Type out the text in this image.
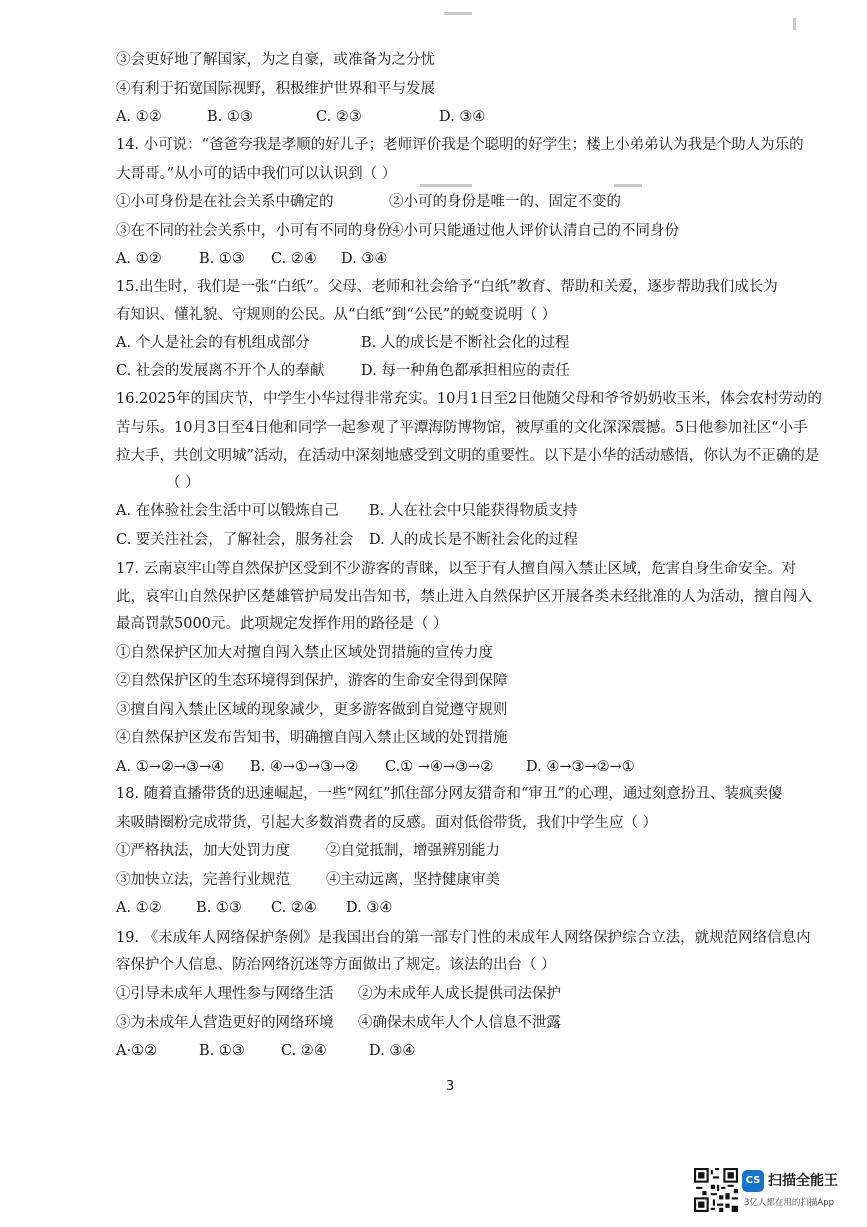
③会更好地了解国家，为之自豪，或准备为之分忧
④有利于拓宽国际视野，积极维护世界和平与发展
A. ①②	B. ①③	C. ②③	D. ③④
14. 小可说：“爸爸夸我是孝顺的好儿子；老师评价我是个聪明的好学生；楼上小弟弟认为我是个助人为乐的
大哥哥。”从小可的话中我们可以认识到（ ）
①小可身份是在社会关系中确定的	②小可的身份是唯一的、固定不变的
③在不同的社会关系中，小可有不同的身份
④小可只能通过他人评价认清自己的不同身份
A. ①②	B. ①③ C. ②④ D. ③④
15.出生时，我们是一张“白纸”。父母、老师和社会给予“白纸”教育、帮助和关爱，逐步帮助我们成长为
有知识、懂礼貌、守规则的公民。从“白纸”到“公民”的蜕变说明（ ）
A. 个人是社会的有机组成部分	B. 人的成长是不断社会化的过程
C. 社会的发展离不开个人的奉献	D. 每一种角色都承担相应的责任
16.2025年的国庆节，中学生小华过得非常充实。10月1日至2日他随父母和爷爷奶奶收玉米，体会农村劳动的
苦与乐。10月3日至4日他和同学一起参观了平潭海防博物馆，被厚重的文化深深震撼。5日他参加社区“小手
拉大手，共创文明城”活动，在活动中深刻地感受到文明的重要性。以下是小华的活动感悟，你认为不正确的是
（ ）
A. 在体验社会生活中可以锻炼自己 B. 人在社会中只能获得物质支持
C. 要关注社会，了解社会，服务社会 D. 人的成长是不断社会化的过程
17. 云南哀牢山等自然保护区受到不少游客的青睐，以至于有人擅自闯入禁止区域，危害自身生命安全。对
此，哀牢山自然保护区楚雄管护局发出告知书，禁止进入自然保护区开展各类未经批准的人为活动，擅自闯入
最高罚款5000元。此项规定发挥作用的路径是（ ）
①自然保护区加大对擅自闯入禁止区域处罚措施的宣传力度
②自然保护区的生态环境得到保护，游客的生命安全得到保障
③擅自闯入禁止区域的现象减少，更多游客做到自觉遵守规则
④自然保护区发布告知书，明确擅自闯入禁止区域的处罚措施
A. ①→②→③→④ B. ④→①→③→② C.① →④→③→② D. ④→③→②→①
18. 随着直播带货的迅速崛起，一些“网红”抓住部分网友猎奇和“审丑”的心理，通过刻意扮丑、装疯卖傻
来吸睛圈粉完成带货，引起大多数消费者的反感。面对低俗带货，我们中学生应（ ）
①严格执法，加大处罚力度 ②自觉抵制，增强辨别能力
③加快立法，完善行业规范 ④主动远离，坚持健康审美
A. ①② B. ①③ C. ②④ D. ③④
19. 《未成年人网络保护条例》是我国出台的第一部专门性的未成年人网络保护综合立法，就规范网络信息内
容保护个人信息、防治网络沉迷等方面做出了规定。该法的出台（ ）
①引导未成年人理性参与网络生活 ②为未成年人成长提供司法保护
③为未成年人营造更好的网络环境 ④确保未成年人个人信息不泄露
A·①②	B. ①③ C. ②④	D. ③④
3
CS 扫描全能王
3亿人都在用的扫描App
